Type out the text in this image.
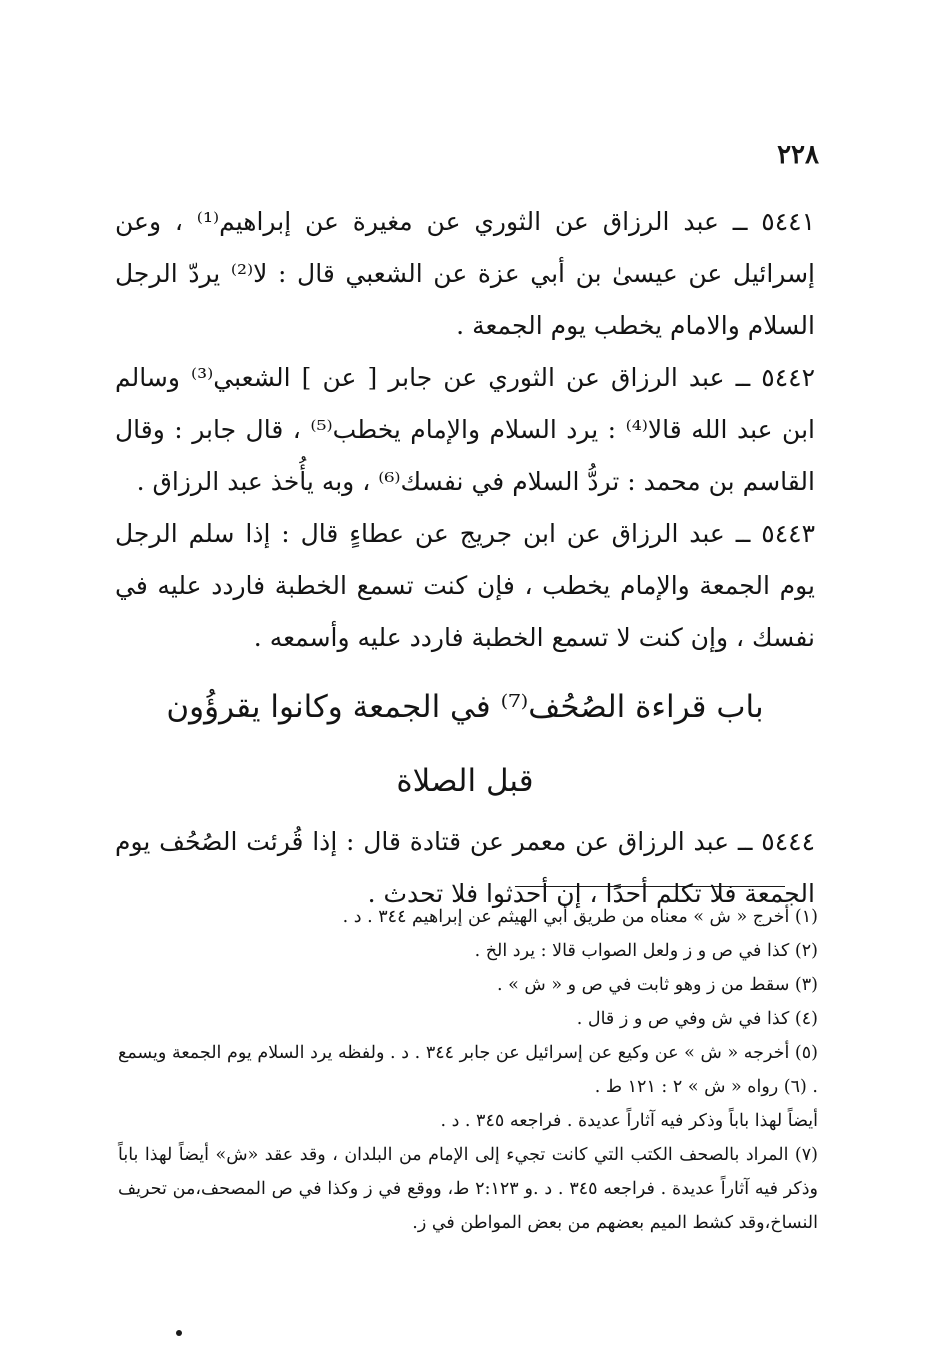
٢٢٨

٥٤٤١ ــ عبد الرزاق عن الثوري عن مغيرة عن إبراهيم⁽¹⁾ ، وعن إسرائيل عن عيسىٰ بن أبي عزة عن الشعبي قال : لا⁽²⁾ يردّ الرجل السلام والامام يخطب يوم الجمعة .

٥٤٤٢ ــ عبد الرزاق عن الثوري عن جابر [ عن ] الشعبي⁽³⁾ وسالم ابن عبد الله قالا⁽⁴⁾ : يرد السلام والإمام يخطب⁽⁵⁾ ، قال جابر : وقال القاسم بن محمد : تردُّ السلام في نفسك⁽⁶⁾ ، وبه يأُخذ عبد الرزاق .

٥٤٤٣ ــ عبد الرزاق عن ابن جريج عن عطاءٍ قال : إذا سلم الرجل يوم الجمعة والإمام يخطب ، فإن كنت تسمع الخطبة فاردد عليه في نفسك ، وإن كنت لا تسمع الخطبة فاردد عليه وأسمعه .

باب قراءة الصُحُف⁽⁷⁾ في الجمعة وكانوا يقرؤُون
قبل الصلاة

٥٤٤٤ ــ عبد الرزاق عن معمر عن قتادة قال : إذا قُرئت الصُحُف يوم الجمعة فلا تكلم أحدًا ، إن أحدثوا فلا تحدث .

(١) أخرج « ش » معناه من طريق أبي الهيثم عن إبراهيم ٣٤٤ . د .

(٢) كذا في ص و ز ولعل الصواب قالا : يرد الخ .

(٣) سقط من ز وهو ثابت في ص و « ش » .

(٤) كذا في ش وفي ص و ز قال .

(٥) أخرجه « ش » عن وكيع عن إسرائيل عن جابر ٣٤٤ . د . ولفظه يرد السلام يوم الجمعة ويسمع . (٦) رواه « ش » ٢ : ١٢١ ط .

أيضاً لهذا باباً وذكر فيه آثاراً عديدة . فراجعه ٣٤٥ . د .

(٧) المراد بالصحف الكتب التي كانت تجيء إلى الإمام من البلدان ، وقد عقد «ش» أيضاً لهذا باباً وذكر فيه آثاراً عديدة . فراجعه ٣٤٥ . د .و ٢:١٢٣ ط، ووقع في ز وكذا في ص المصحف،من تحريف النساخ،وقد كشط الميم بعضهم من بعض المواطن في ز.
